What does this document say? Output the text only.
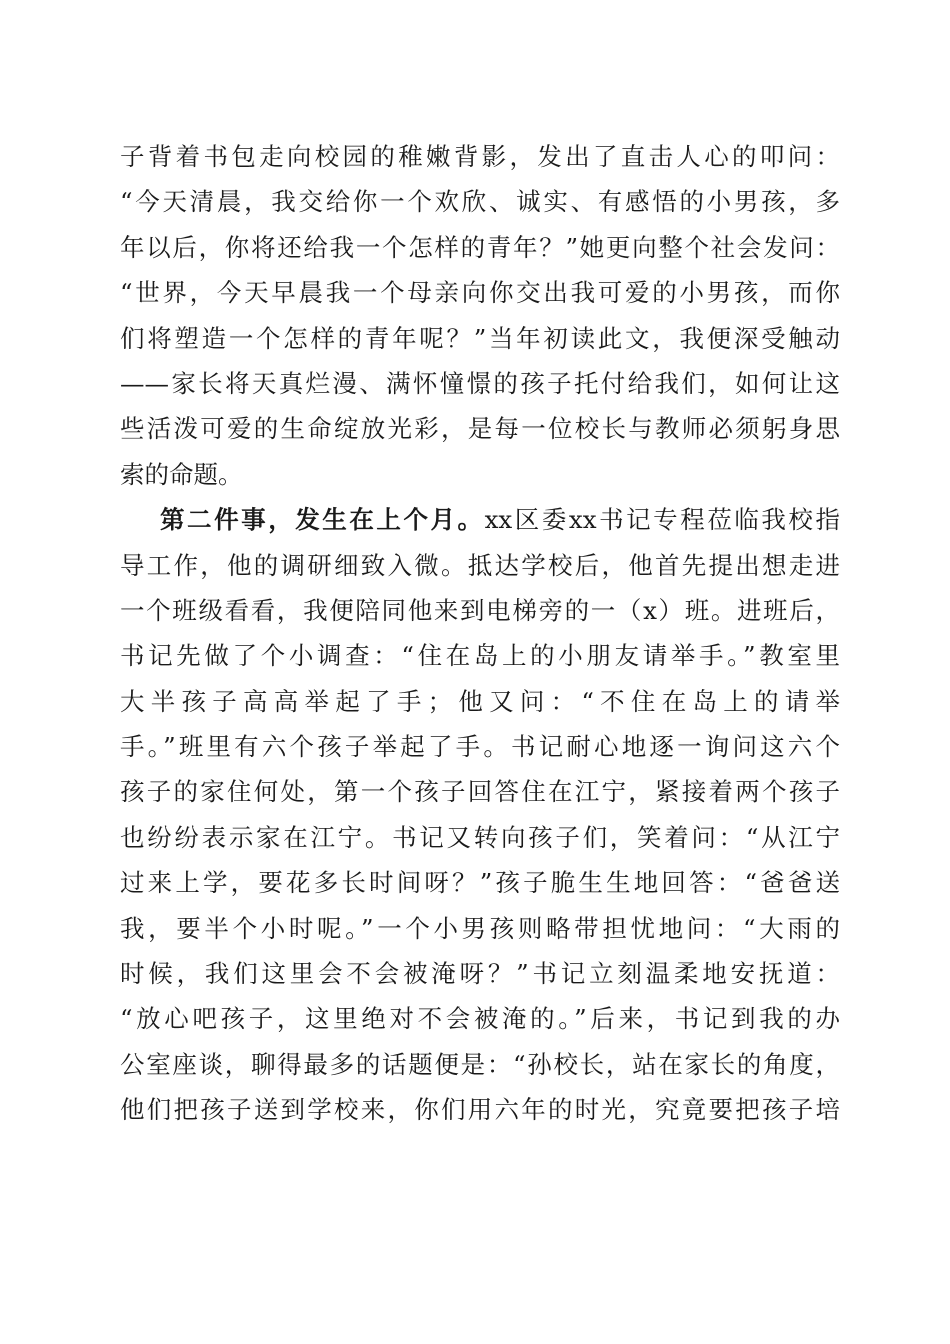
子背着书包走向校园的稚嫩背影，发出了直击人心的叩问：
“今天清晨，我交给你一个欢欣、诚实、有感悟的小男孩，多
年以后，你将还给我一个怎样的青年？”她更向整个社会发问：
“世界，今天早晨我一个母亲向你交出我可爱的小男孩，而你
们将塑造一个怎样的青年呢？”当年初读此文，我便深受触动
——家长将天真烂漫、满怀憧憬的孩子托付给我们，如何让这
些活泼可爱的生命绽放光彩，是每一位校长与教师必须躬身思
索的命题。
第二件事，发生在上个月。xx区委xx书记专程莅临我校指
导工作，他的调研细致入微。抵达学校后，他首先提出想走进
一个班级看看，我便陪同他来到电梯旁的一（x）班。进班后，
书记先做了个小调查：“住在岛上的小朋友请举手。”教室里
大半孩子高高举起了手；他又问：“不住在岛上的请举
手。”班里有六个孩子举起了手。书记耐心地逐一询问这六个
孩子的家住何处，第一个孩子回答住在江宁，紧接着两个孩子
也纷纷表示家在江宁。书记又转向孩子们，笑着问：“从江宁
过来上学，要花多长时间呀？”孩子脆生生地回答：“爸爸送
我，要半个小时呢。”一个小男孩则略带担忧地问：“大雨的
时候，我们这里会不会被淹呀？”书记立刻温柔地安抚道：
“放心吧孩子，这里绝对不会被淹的。”后来，书记到我的办
公室座谈，聊得最多的话题便是：“孙校长，站在家长的角度，
他们把孩子送到学校来，你们用六年的时光，究竟要把孩子培
